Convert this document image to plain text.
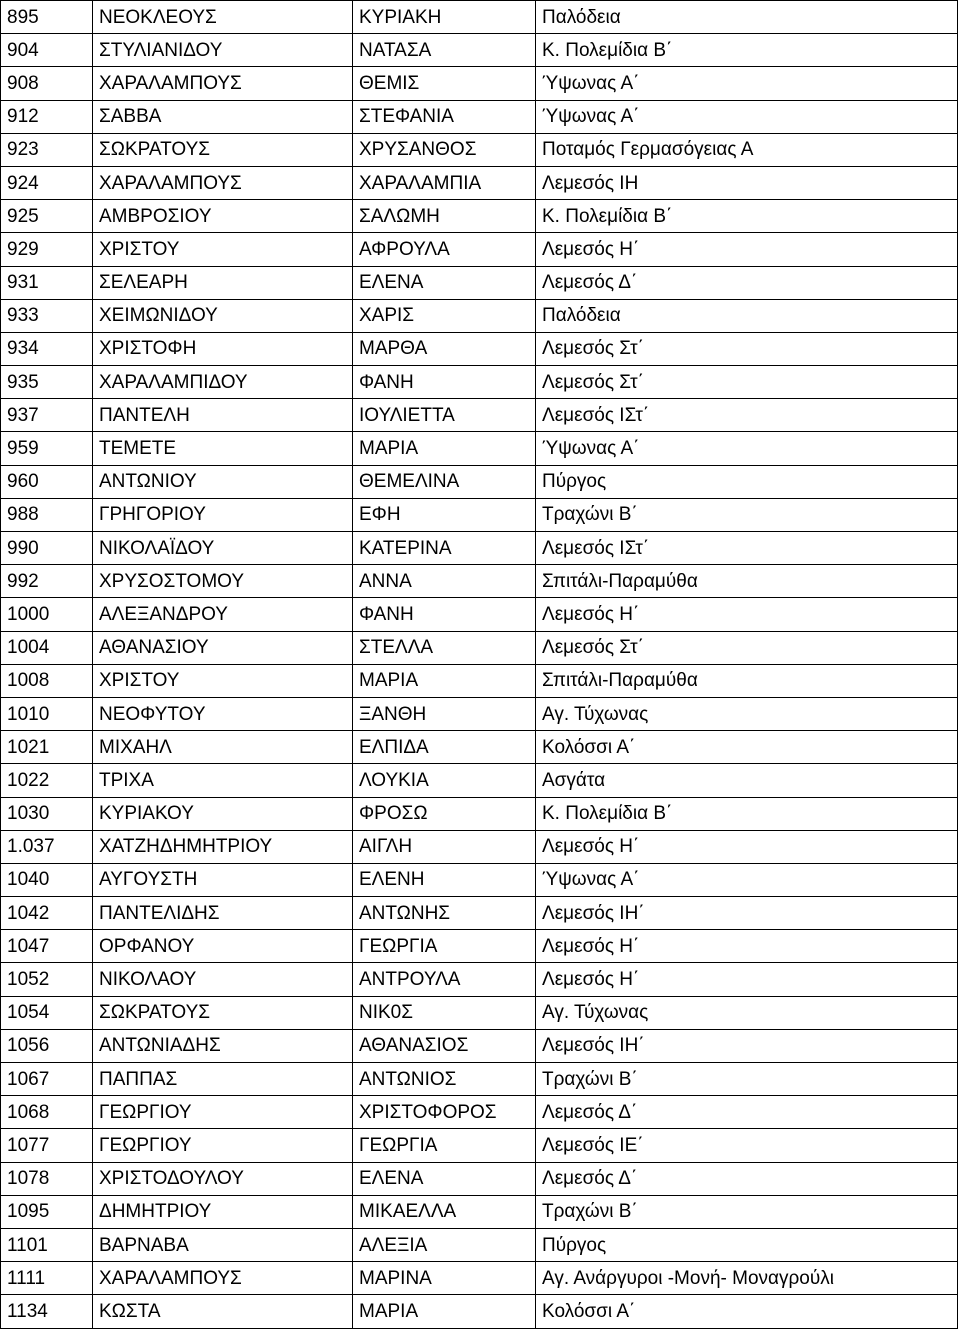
895	ΝΕΟΚΛΕΟΥΣ	ΚΥΡΙΑΚΗ	Παλόδεια
904	ΣΤΥΛΙΑΝΙΔΟΥ	ΝΑΤΑΣΑ	Κ. Πολεμίδια Β΄
908	ΧΑΡΑΛΑΜΠΟΥΣ	ΘΕΜΙΣ	Ύψωνας Α΄
912	ΣΑΒΒΑ	ΣΤΕΦΑΝΙΑ	Ύψωνας Α΄
923	ΣΩΚΡΑΤΟΥΣ	ΧΡΥΣΑΝΘΟΣ	Ποταμός Γερμασόγειας Α
924	ΧΑΡΑΛΑΜΠΟΥΣ	ΧΑΡΑΛΑΜΠΙΑ	Λεμεσός ΙΗ
925	ΑΜΒΡΟΣΙΟΥ	ΣΑΛΩΜΗ	Κ. Πολεμίδια Β΄
929	ΧΡΙΣΤΟΥ	ΑΦΡΟΥΛΑ	Λεμεσός Η΄
931	ΣΕΛΕΑΡΗ	ΕΛΕΝΑ	Λεμεσός Δ΄
933	ΧΕΙΜΩΝΙΔΟΥ	ΧΑΡΙΣ	Παλόδεια
934	ΧΡΙΣΤΟΦΗ	ΜΑΡΘΑ	Λεμεσός Στ΄
935	ΧΑΡΑΛΑΜΠΙΔΟΥ	ΦΑΝΗ	Λεμεσός Στ΄
937	ΠΑΝΤΕΛΗ	ΙΟΥΛΙΕΤΤΑ	Λεμεσός ΙΣτ΄
959	ΤΕΜΕΤΕ	ΜΑΡΙΑ	Ύψωνας Α΄
960	ΑΝΤΩΝΙΟΥ	ΘΕΜΕΛΙΝΑ	Πύργος
988	ΓΡΗΓΟΡΙΟΥ	ΕΦΗ	Τραχώνι Β΄
990	ΝΙΚΟΛΑΪΔΟΥ	ΚΑΤΕΡΙΝΑ	Λεμεσός ΙΣτ΄
992	ΧΡΥΣΟΣΤΟΜΟΥ	ΑΝΝΑ	Σπιτάλι-Παραμύθα
1000	ΑΛΕΞΑΝΔΡΟΥ	ΦΑΝΗ	Λεμεσός Η΄
1004	ΑΘΑΝΑΣΙΟΥ	ΣΤΕΛΛΑ	Λεμεσός Στ΄
1008	ΧΡΙΣΤΟΥ	ΜΑΡΙΑ	Σπιτάλι-Παραμύθα
1010	ΝΕΟΦΥΤΟΥ	ΞΑΝΘΗ	Αγ. Τύχωνας
1021	ΜΙΧΑΗΛ	ΕΛΠΙΔΑ	Κολόσσι Α΄
1022	ΤΡΙΧΑ	ΛΟΥΚΙΑ	Ασγάτα
1030	ΚΥΡΙΑΚΟΥ	ΦΡΟΣΩ	Κ. Πολεμίδια Β΄
1.037	ΧΑΤΖΗΔΗΜΗΤΡΙΟΥ	ΑΙΓΛΗ	Λεμεσός Η΄
1040	ΑΥΓΟΥΣΤΗ	ΕΛΕΝΗ	Ύψωνας Α΄
1042	ΠΑΝΤΕΛΙΔΗΣ	ΑΝΤΩΝΗΣ	Λεμεσός ΙΗ΄
1047	ΟΡΦΑΝΟΥ	ΓΕΩΡΓΙΑ	Λεμεσός Η΄
1052	ΝΙΚΟΛΑΟΥ	ΑΝΤΡΟΥΛΑ	Λεμεσός Η΄
1054	ΣΩΚΡΑΤΟΥΣ	ΝΙΚ0Σ	Αγ. Τύχωνας
1056	ΑΝΤΩΝΙΑΔΗΣ	ΑΘΑΝΑΣΙΟΣ	Λεμεσός ΙΗ΄
1067	ΠΑΠΠΑΣ	ΑΝΤΩΝΙΟΣ	Τραχώνι Β΄
1068	ΓΕΩΡΓΙΟΥ	ΧΡΙΣΤΟΦΟΡΟΣ	Λεμεσός Δ΄
1077	ΓΕΩΡΓΙΟΥ	ΓΕΩΡΓΙΑ	Λεμεσός ΙΕ΄
1078	ΧΡΙΣΤΟΔΟΥΛΟΥ	ΕΛΕΝΑ	Λεμεσός Δ΄
1095	ΔΗΜΗΤΡΙΟΥ	ΜΙΚΑΕΛΛΑ	Τραχώνι Β΄
1101	ΒΑΡΝΑΒΑ	ΑΛΕΞΙΑ	Πύργος
1111	ΧΑΡΑΛΑΜΠΟΥΣ	ΜΑΡΙΝΑ	Αγ. Ανάργυροι -Μονή- Μοναγρούλι
1134	ΚΩΣΤΑ	ΜΑΡΙΑ	Κολόσσι Α΄
